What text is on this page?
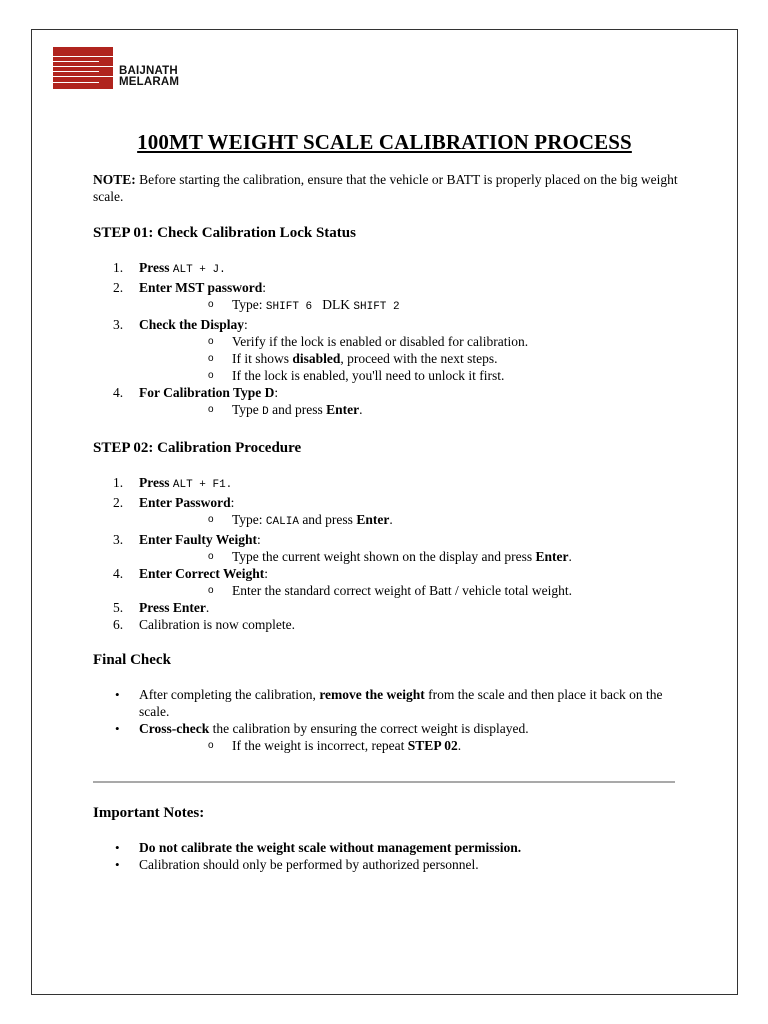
BAIJNATH
MELARAM
100MT WEIGHT SCALE CALIBRATION PROCESS

NOTE: Before starting the calibration, ensure that the vehicle or BATT is properly placed on the big weight scale.

STEP 01: Check Calibration Lock Status
1.	Press ALT + J.
2.	Enter MST password:
o Type: SHIFT 6 DLK SHIFT 2
3.	Check the Display:
o Verify if the lock is enabled or disabled for calibration.
o If it shows disabled, proceed with the next steps.
o If the lock is enabled, you'll need to unlock it first.
4.	For Calibration Type D:
o Type D and press Enter.
STEP 02: Calibration Procedure
1.	Press ALT + F1.
2.	Enter Password:
o Type: CALIA and press Enter.
3.	Enter Faulty Weight:
o Type the current weight shown on the display and press Enter.
4.	Enter Correct Weight:
o Enter the standard correct weight of Batt / vehicle total weight.
5.	Press Enter.
6.	Calibration is now complete.
Final Check
• After completing the calibration, remove the weight from the scale and then place it back on the scale.
• Cross-check the calibration by ensuring the correct weight is displayed.
o If the weight is incorrect, repeat STEP 02.
Important Notes:
• Do not calibrate the weight scale without management permission.
• Calibration should only be performed by authorized personnel.
